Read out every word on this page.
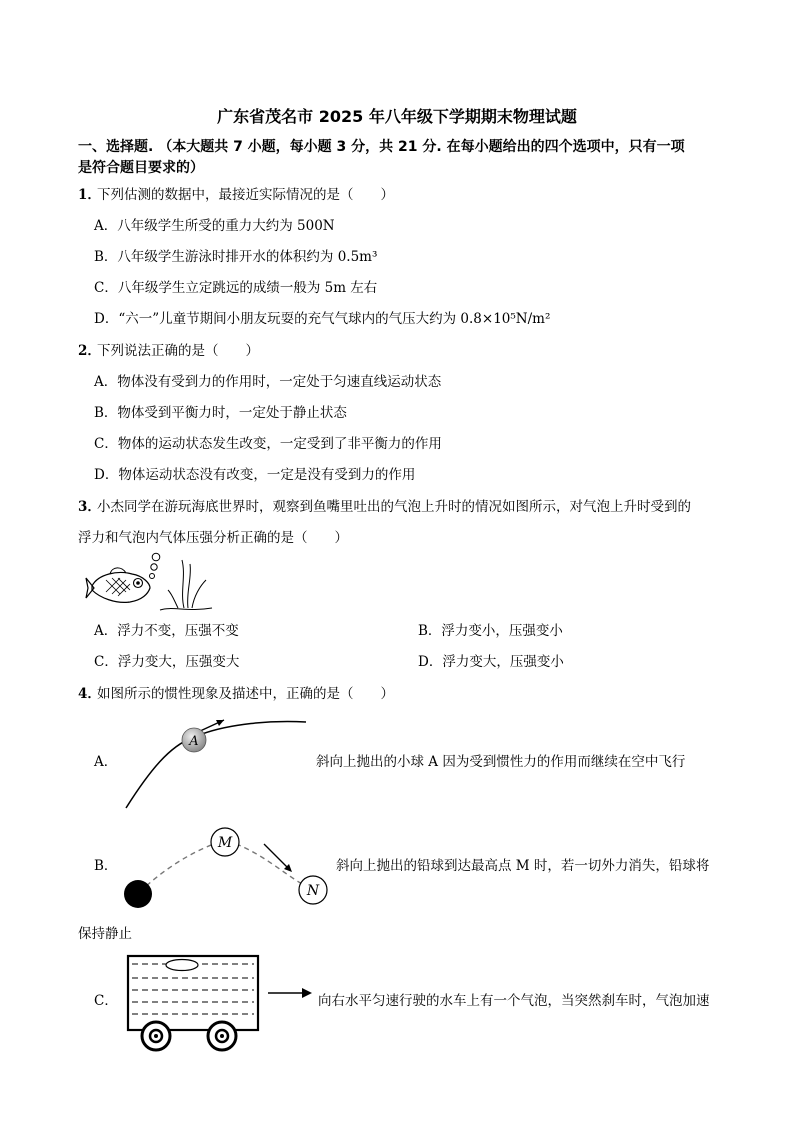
广东省茂名市 2025 年八年级下学期期末物理试题
一、选择题. （本大题共 7 小题，每小题 3 分，共 21 分. 在每小题给出的四个选项中，只有一项
是符合题目要求的）
1．
下列估测的数据中，最接近实际情况的是（　　）
A．八年级学生所受的重力大约为 500N
B．八年级学生游泳时排开水的体积约为 0.5m³
C．八年级学生立定跳远的成绩一般为 5m 左右
D．“六一”儿童节期间小朋友玩耍的充气气球内的气压大约为 0.8×10⁵N/m²
2．
下列说法正确的是（　　）
A．物体没有受到力的作用时，一定处于匀速直线运动状态
B．物体受到平衡力时，一定处于静止状态
C．物体的运动状态发生改变，一定受到了非平衡力的作用
D．物体运动状态没有改变，一定是没有受到力的作用
3．
小杰同学在游玩海底世界时，观察到鱼嘴里吐出的气泡上升时的情况如图所示，对气泡上升时受到的
浮力和气泡内气体压强分析正确的是（　　）
A．浮力不变，压强不变	B．浮力变小，压强变小
C．浮力变大，压强变大	D．浮力变大，压强变小
4．
如图所示的惯性现象及描述中，正确的是（　　）
A．
A
斜向上抛出的小球 A 因为受到惯性力的作用而继续在空中飞行
B．
M
N
斜向上抛出的铅球到达最高点 M 时，若一切外力消失，铅球将
保持静止
C．	向右水平匀速行驶的水车上有一个气泡，当突然刹车时，气泡加速
